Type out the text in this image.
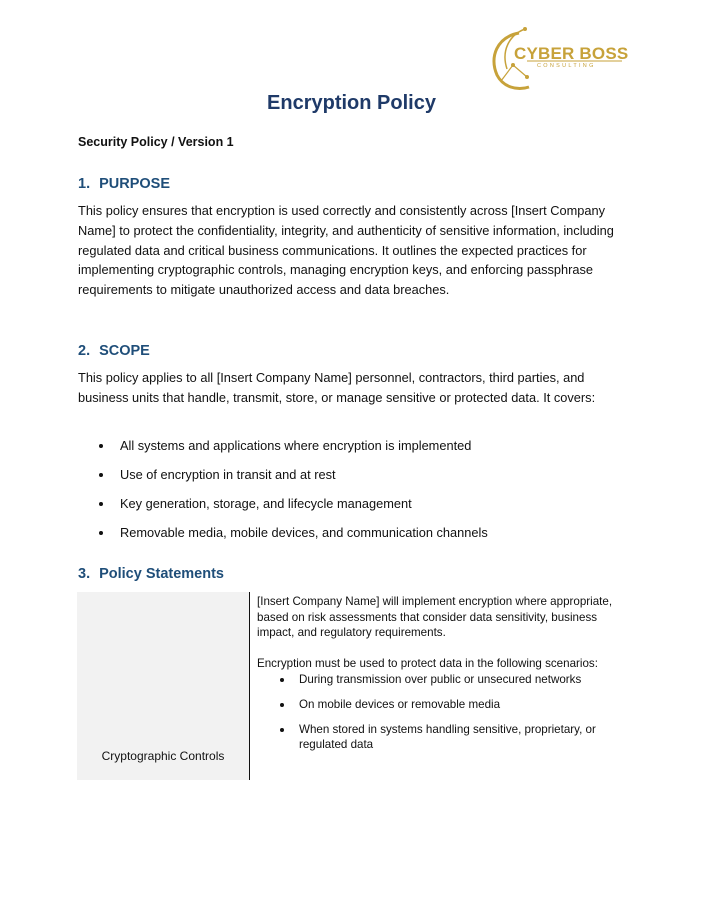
CYBER BOSS
CONSULTING
Encryption Policy

Security Policy / Version 1

1. PURPOSE

This policy ensures that encryption is used correctly and consistently across [Insert Company Name] to protect the confidentiality, integrity, and authenticity of sensitive information, including regulated data and critical business communications. It outlines the expected practices for implementing cryptographic controls, managing encryption keys, and enforcing passphrase requirements to mitigate unauthorized access and data breaches.

2. SCOPE

This policy applies to all [Insert Company Name] personnel, contractors, third parties, and business units that handle, transmit, store, or manage sensitive or protected data. It covers:

All systems and applications where encryption is implemented
Use of encryption in transit and at rest
Key generation, storage, and lifecycle management
Removable media, mobile devices, and communication channels
3. Policy Statements
Cryptographic Controls

[Insert Company Name] will implement encryption where appropriate, based on risk assessments that consider data sensitivity, business impact, and regulatory requirements.

Encryption must be used to protect data in the following scenarios:

During transmission over public or unsecured networks
On mobile devices or removable media
When stored in systems handling sensitive, proprietary, or regulated data
